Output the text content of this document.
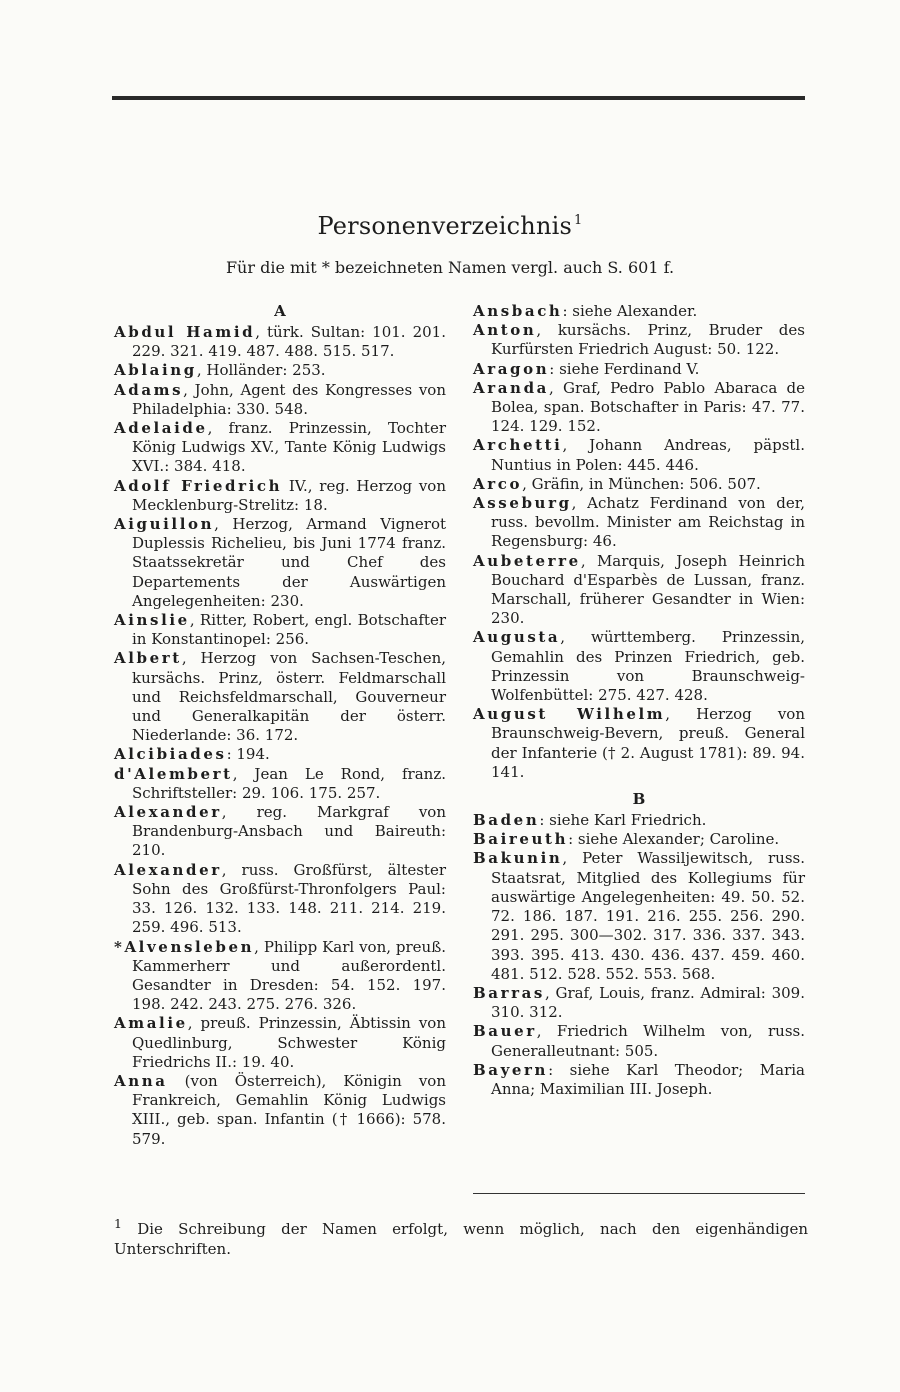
Personenverzeichnis $^1$
Für die mit * bezeichneten Namen vergl. auch S. 601 f.
A

Abdul Hamid, türk. Sultan: 101. 201. 229. 321. 419. 487. 488. 515. 517.

Ablaing, Holländer: 253.

Adams, John, Agent des Kongresses von Philadelphia: 330. 548.

Adelaide, franz. Prinzessin, Tochter König Ludwigs XV., Tante König Ludwigs XVI.: 384. 418.

Adolf Friedrich IV., reg. Herzog von Mecklenburg-Strelitz: 18.

Aiguillon, Herzog, Armand Vignerot Duplessis Richelieu, bis Juni 1774 franz. Staatssekretär und Chef des Departements der Auswärtigen Angelegenheiten: 230.

Ainslie, Ritter, Robert, engl. Botschafter in Konstantinopel: 256.

Albert, Herzog von Sachsen-Teschen, kursächs. Prinz, österr. Feldmarschall und Reichsfeldmarschall, Gouverneur und Generalkapitän der österr. Niederlande: 36. 172.

Alcibiades: 194.

d'Alembert, Jean Le Rond, franz. Schriftsteller: 29. 106. 175. 257.

Alexander, reg. Markgraf von Brandenburg-Ansbach und Baireuth: 210.

Alexander, russ. Großfürst, ältester Sohn des Großfürst-Thronfolgers Paul: 33. 126. 132. 133. 148. 211. 214. 219. 259. 496. 513.

*Alvensleben, Philipp Karl von, preuß. Kammerherr und außerordentl. Gesandter in Dresden: 54. 152. 197. 198. 242. 243. 275. 276. 326.

Amalie, preuß. Prinzessin, Äbtissin von Quedlinburg, Schwester König Friedrichs II.: 19. 40.

Anna (von Österreich), Königin von Frankreich, Gemahlin König Ludwigs XIII., geb. span. Infantin († 1666): 578. 579.

Ansbach: siehe Alexander.

Anton, kursächs. Prinz, Bruder des Kurfürsten Friedrich August: 50. 122.

Aragon: siehe Ferdinand V.

Aranda, Graf, Pedro Pablo Abaraca de Bolea, span. Botschafter in Paris: 47. 77. 124. 129. 152.

Archetti, Johann Andreas, päpstl. Nuntius in Polen: 445. 446.

Arco, Gräfin, in München: 506. 507.

Asseburg, Achatz Ferdinand von der, russ. bevollm. Minister am Reichstag in Regensburg: 46.

Aubeterre, Marquis, Joseph Heinrich Bouchard d'Esparbès de Lussan, franz. Marschall, früherer Gesandter in Wien: 230.

Augusta, württemberg. Prinzessin, Gemahlin des Prinzen Friedrich, geb. Prinzessin von Braunschweig-Wolfenbüttel: 275. 427. 428.

August Wilhelm, Herzog von Braunschweig-Bevern, preuß. General der Infanterie († 2. August 1781): 89. 94. 141.

B

Baden: siehe Karl Friedrich.

Baireuth: siehe Alexander; Caroline.

Bakunin, Peter Wassiljewitsch, russ. Staatsrat, Mitglied des Kollegiums für auswärtige Angelegenheiten: 49. 50. 52. 72. 186. 187. 191. 216. 255. 256. 290. 291. 295. 300—302. 317. 336. 337. 343. 393. 395. 413. 430. 436. 437. 459. 460. 481. 512. 528. 552. 553. 568.

Barras, Graf, Louis, franz. Admiral: 309. 310. 312.

Bauer, Friedrich Wilhelm von, russ. Generalleutnant: 505.

Bayern: siehe Karl Theodor; Maria Anna; Maximilian III. Joseph.

$^1$ Die Schreibung der Namen erfolgt, wenn möglich, nach den eigenhändigen Unterschriften.
